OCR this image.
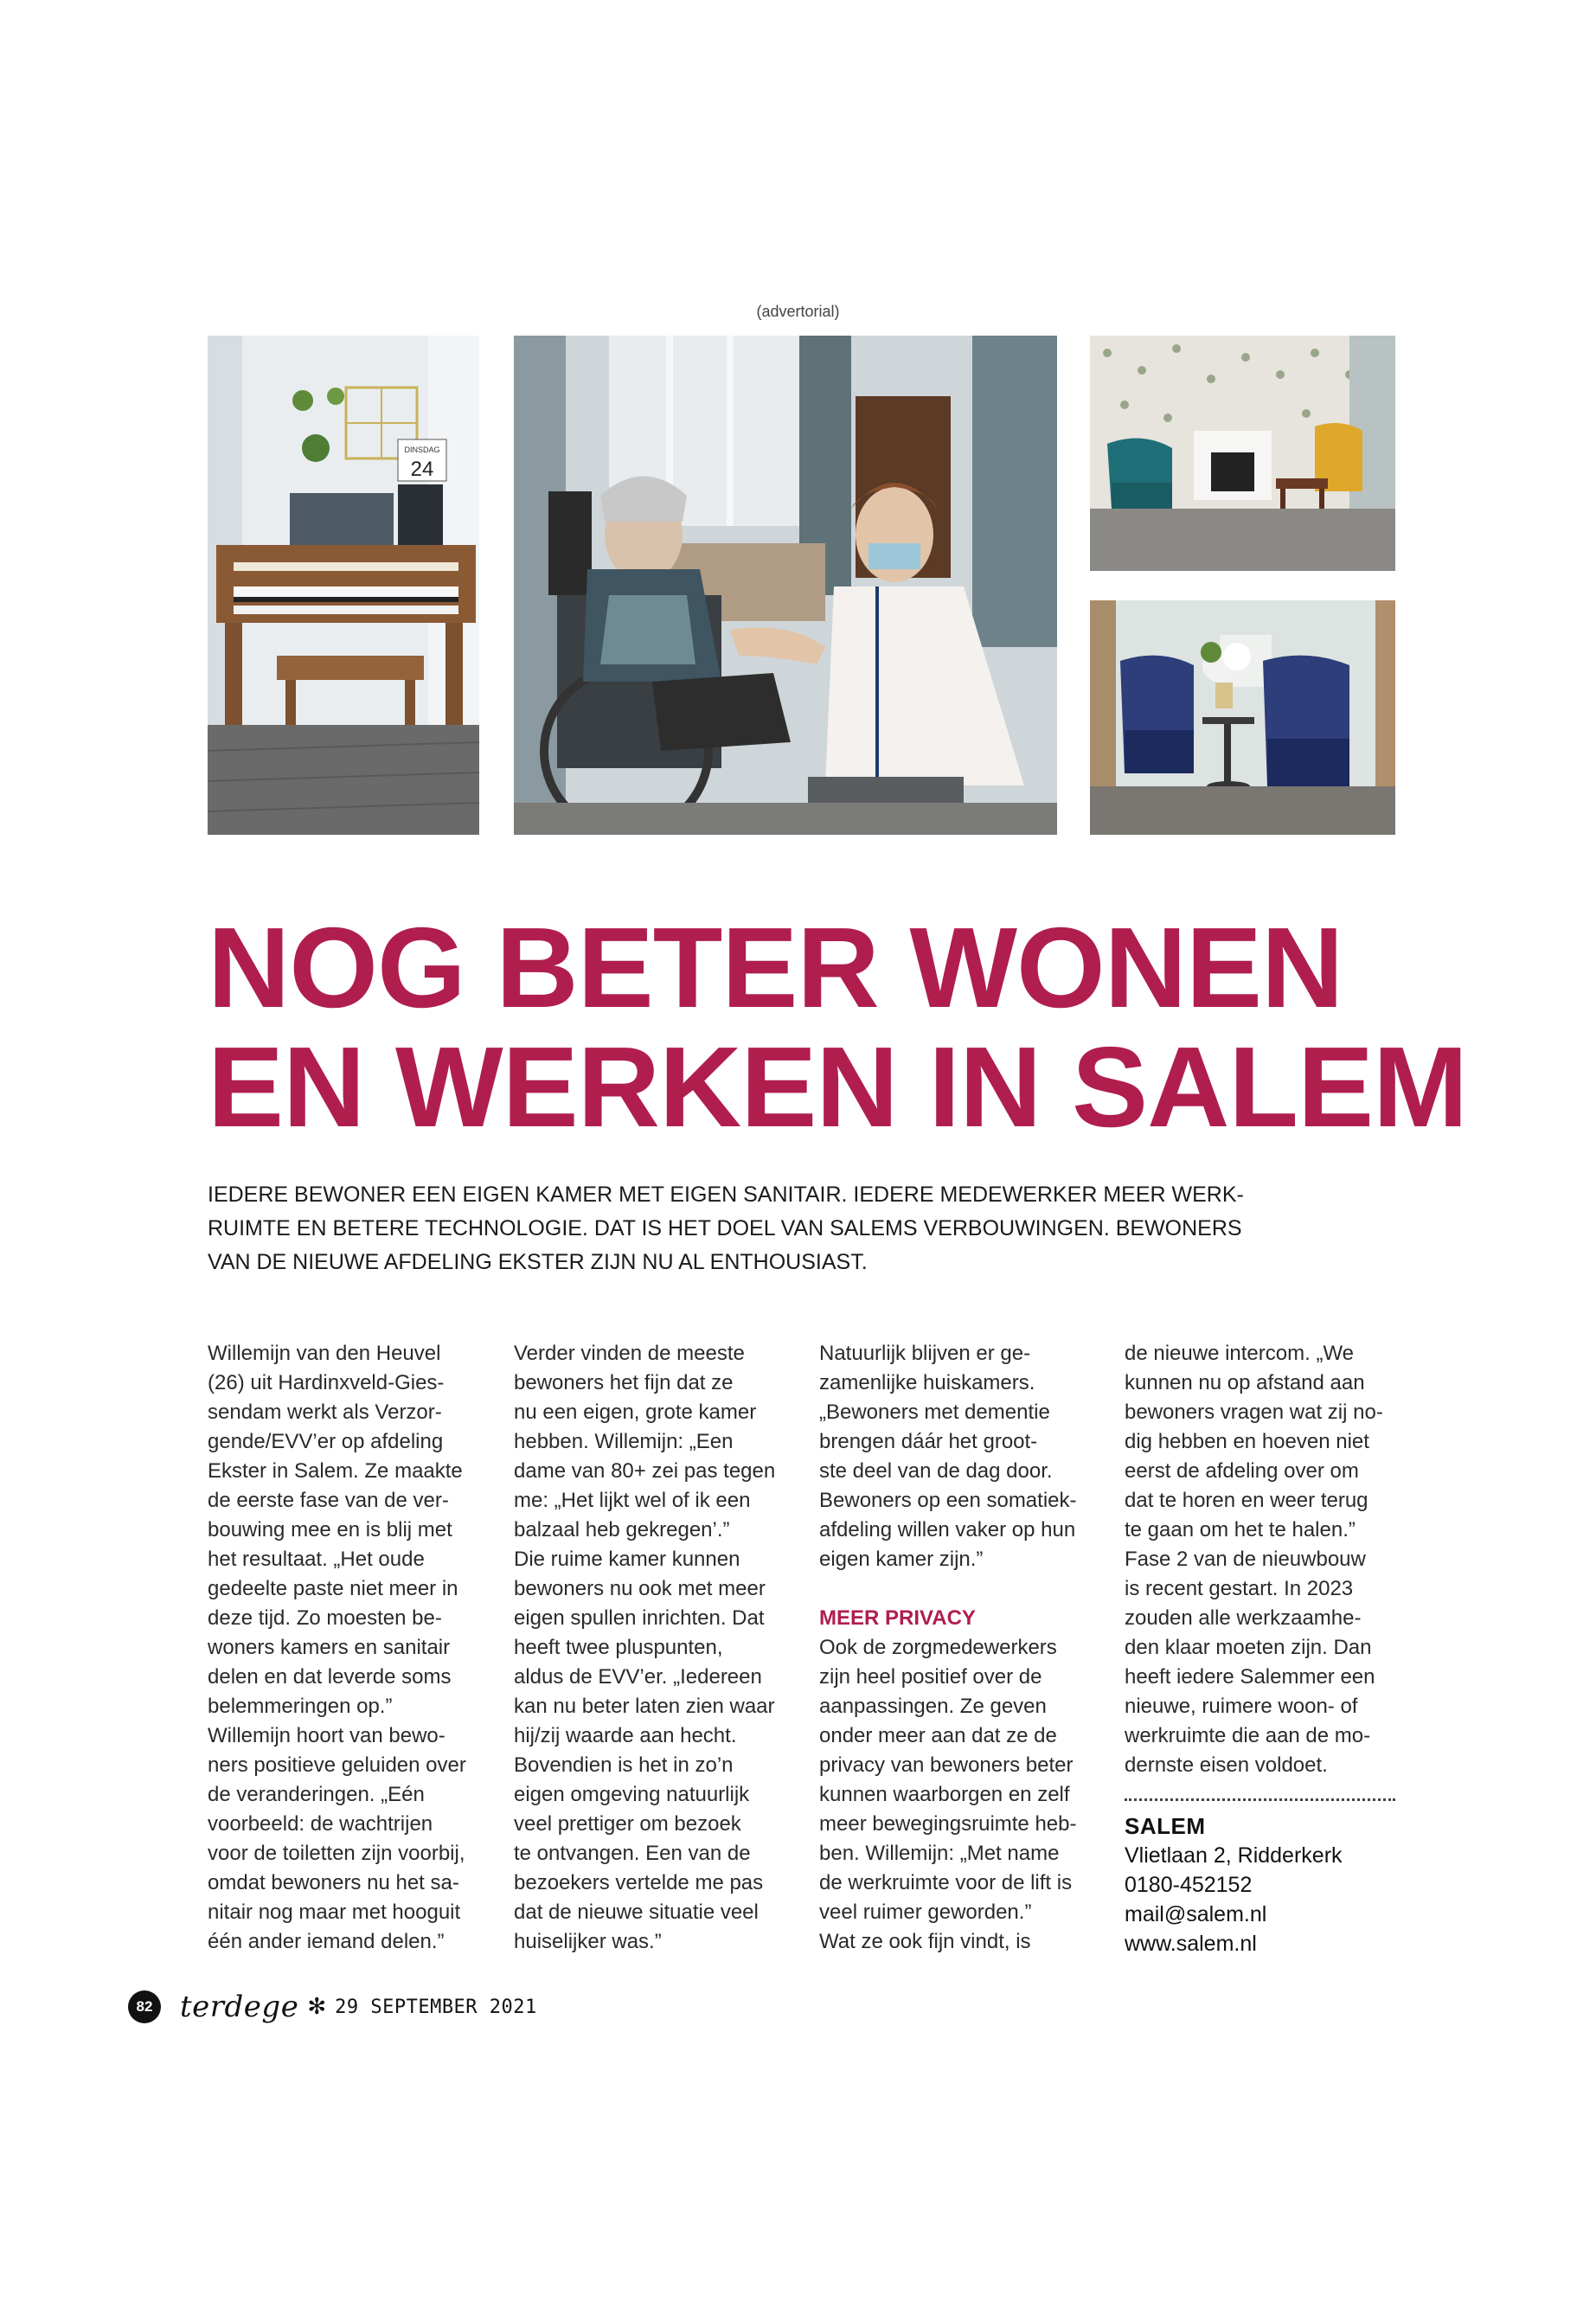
(advertorial)
DINSDAG
24
NOG BETER WONEN
EN WERKEN IN SALEM

IEDERE BEWONER EEN EIGEN KAMER MET EIGEN SANITAIR. IEDERE MEDEWERKER MEER WERK- RUIMTE EN BETERE TECHNOLOGIE. DAT IS HET DOEL VAN SALEMS VERBOUWINGEN. BEWONERS VAN DE NIEUWE AFDELING EKSTER ZIJN NU AL ENTHOUSIAST.

Willemijn van den Heuvel
(26) uit Hardinxveld-Gies-
sendam werkt als Verzor-
gende/EVV’er op afdeling
Ekster in Salem. Ze maakte
de eerste fase van de ver-
bouwing mee en is blij met
het resultaat. „Het oude
gedeelte paste niet meer in
deze tijd. Zo moesten be-
woners kamers en sanitair
delen en dat leverde soms
belemmeringen op.”
Willemijn hoort van bewo-
ners positieve geluiden over
de veranderingen. „Eén
voorbeeld: de wachtrijen
voor de toiletten zijn voorbij,
omdat bewoners nu het sa-
nitair nog maar met hooguit
één ander iemand delen.”
Verder vinden de meeste
bewoners het fijn dat ze
nu een eigen, grote kamer
hebben. Willemijn: „Een
dame van 80+ zei pas tegen
me: „Het lijkt wel of ik een
balzaal heb gekregen’.”
Die ruime kamer kunnen
bewoners nu ook met meer
eigen spullen inrichten. Dat
heeft twee pluspunten,
aldus de EVV’er. „Iedereen
kan nu beter laten zien waar
hij/zij waarde aan hecht.
Bovendien is het in zo’n
eigen omgeving natuurlijk
veel prettiger om bezoek
te ontvangen. Een van de
bezoekers vertelde me pas
dat de nieuwe situatie veel
huiselijker was.”
Natuurlijk blijven er ge-
zamenlijke huiskamers.
„Bewoners met dementie
brengen dáár het groot-
ste deel van de dag door.
Bewoners op een somatiek-
afdeling willen vaker op hun
eigen kamer zijn.”
MEER PRIVACY
Ook de zorgmedewerkers
zijn heel positief over de
aanpassingen. Ze geven
onder meer aan dat ze de
privacy van bewoners beter
kunnen waarborgen en zelf
meer bewegingsruimte heb-
ben. Willemijn: „Met name
de werkruimte voor de lift is
veel ruimer geworden.”
Wat ze ook fijn vindt, is
de nieuwe intercom. „We
kunnen nu op afstand aan
bewoners vragen wat zij no-
dig hebben en hoeven niet
eerst de afdeling over om
dat te horen en weer terug
te gaan om het te halen.”
Fase 2 van de nieuwbouw
is recent gestart. In 2023
zouden alle werkzaamhe-
den klaar moeten zijn. Dan
heeft iedere Salemmer een
nieuwe, ruimere woon- of
werkruimte die aan de mo-
dernste eisen voldoet.
SALEM
Vlietlaan 2, Ridderkerk
0180-452152
mail@salem.nl
www.salem.nl
82 terdege ✻ 29 SEPTEMBER 2021
